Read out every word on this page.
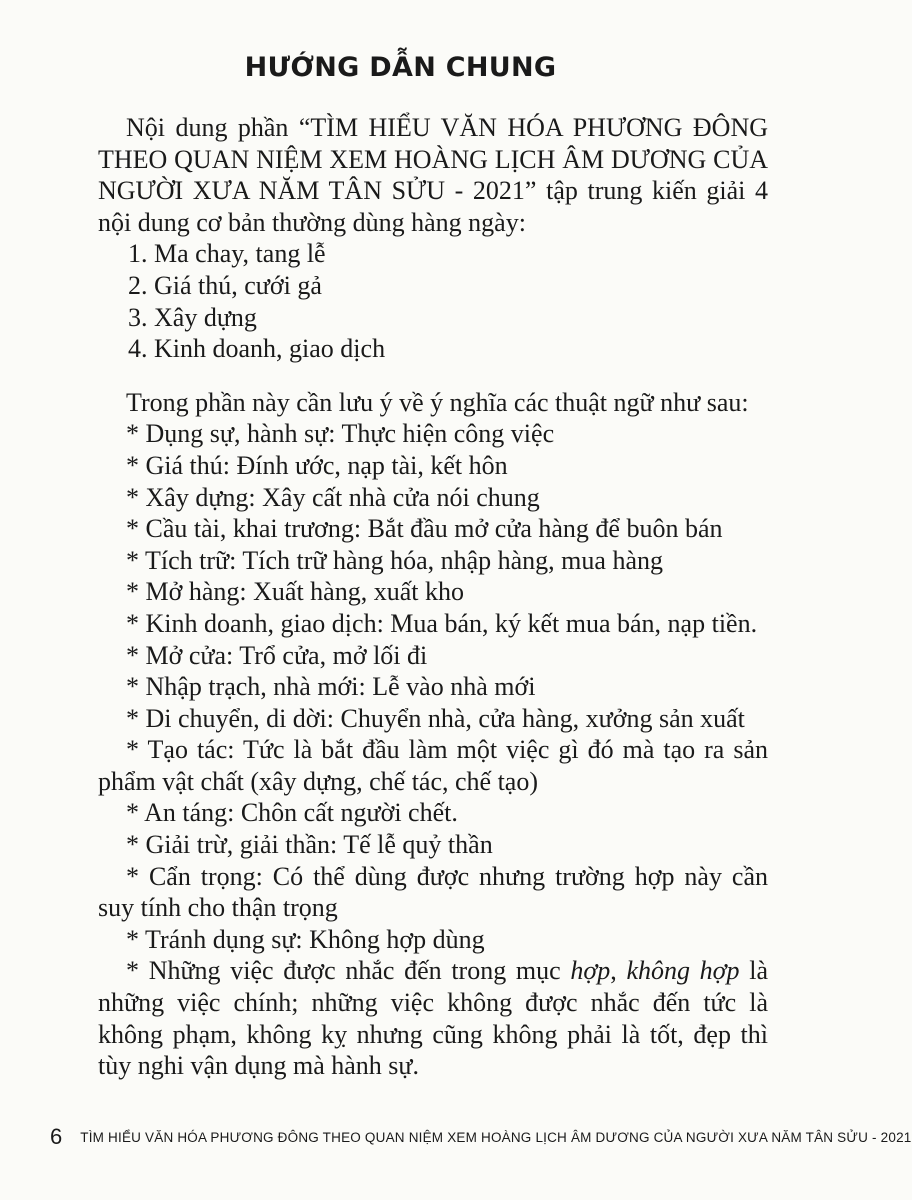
HƯỚNG DẪN CHUNG

Nội dung phần “TÌM HIỂU VĂN HÓA PHƯƠNG ĐÔNG THEO QUAN NIỆM XEM HOÀNG LỊCH ÂM DƯƠNG CỦA NGƯỜI XƯA NĂM TÂN SỬU - 2021” tập trung kiến giải 4 nội dung cơ bản thường dùng hàng ngày:

1. Ma chay, tang lễ

2. Giá thú, cưới gả

3. Xây dựng

4. Kinh doanh, giao dịch

Trong phần này cần lưu ý về ý nghĩa các thuật ngữ như sau:

* Dụng sự, hành sự: Thực hiện công việc

* Giá thú: Đính ước, nạp tài, kết hôn

* Xây dựng: Xây cất nhà cửa nói chung

* Cầu tài, khai trương: Bắt đầu mở cửa hàng để buôn bán

* Tích trữ: Tích trữ hàng hóa, nhập hàng, mua hàng

* Mở hàng: Xuất hàng, xuất kho

* Kinh doanh, giao dịch: Mua bán, ký kết mua bán, nạp tiền.

* Mở cửa: Trổ cửa, mở lối đi

* Nhập trạch, nhà mới: Lễ vào nhà mới

* Di chuyển, di dời: Chuyển nhà, cửa hàng, xưởng sản xuất

* Tạo tác: Tức là bắt đầu làm một việc gì đó mà tạo ra sản phẩm vật chất (xây dựng, chế tác, chế tạo)

* An táng: Chôn cất người chết.

* Giải trừ, giải thần: Tế lễ quỷ thần

* Cẩn trọng: Có thể dùng được nhưng trường hợp này cần suy tính cho thận trọng

* Tránh dụng sự: Không hợp dùng

* Những việc được nhắc đến trong mục hợp, không hợp là những việc chính; những việc không được nhắc đến tức là không phạm, không kỵ nhưng cũng không phải là tốt, đẹp thì tùy nghi vận dụng mà hành sự.

6 TÌM HIỂU VĂN HÓA PHƯƠNG ĐÔNG THEO QUAN NIỆM XEM HOÀNG LỊCH ÂM DƯƠNG CỦA NGƯỜI XƯA NĂM TÂN SỬU - 2021
